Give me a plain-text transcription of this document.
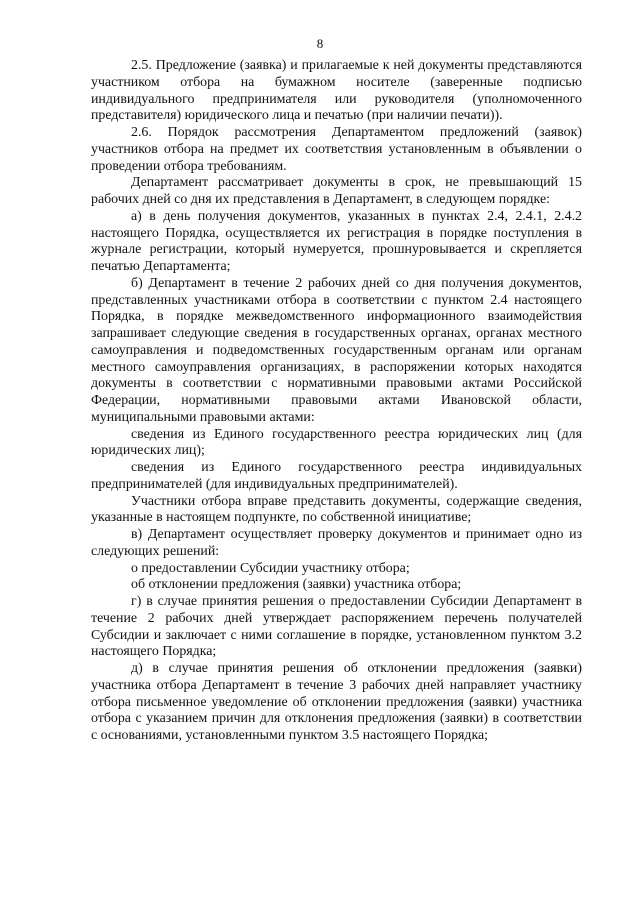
8

2.5. Предложение (заявка) и прилагаемые к ней документы представляются участником отбора на бумажном носителе (заверенные подписью индивидуального предпринимателя или руководителя (уполномоченного представителя) юридического лица и печатью (при наличии печати)).

2.6. Порядок рассмотрения Департаментом предложений (заявок) участников отбора на предмет их соответствия установленным в объявлении о проведении отбора требованиям.

Департамент рассматривает документы в срок, не превышающий 15 рабочих дней со дня их представления в Департамент, в следующем порядке:

а) в день получения документов, указанных в пунктах 2.4, 2.4.1, 2.4.2 настоящего Порядка, осуществляется их регистрация в порядке поступления в журнале регистрации, который нумеруется, прошнуровывается и скрепляется печатью Департамента;

б) Департамент в течение 2 рабочих дней со дня получения документов, представленных участниками отбора в соответствии с пунктом 2.4 настоящего Порядка, в порядке межведомственного информационного взаимодействия запрашивает следующие сведения в государственных органах, органах местного самоуправления и подведомственных государственным органам или органам местного самоуправления организациях, в распоряжении которых находятся документы в соответствии с нормативными правовыми актами Российской Федерации, нормативными правовыми актами Ивановской области, муниципальными правовыми актами:

сведения из Единого государственного реестра юридических лиц (для юридических лиц);

сведения из Единого государственного реестра индивидуальных предпринимателей (для индивидуальных предпринимателей).

Участники отбора вправе представить документы, содержащие сведения, указанные в настоящем подпункте, по собственной инициативе;

в) Департамент осуществляет проверку документов и принимает одно из следующих решений:

о предоставлении Субсидии участнику отбора;

об отклонении предложения (заявки) участника отбора;

г) в случае принятия решения о предоставлении Субсидии Департамент в течение 2 рабочих дней утверждает распоряжением перечень получателей Субсидии и заключает с ними соглашение в порядке, установленном пунктом 3.2 настоящего Порядка;

д) в случае принятия решения об отклонении предложения (заявки) участника отбора Департамент в течение 3 рабочих дней направляет участнику отбора письменное уведомление об отклонении предложения (заявки) участника отбора с указанием причин для отклонения предложения (заявки) в соответствии с основаниями, установленными пунктом 3.5 настоящего Порядка;
